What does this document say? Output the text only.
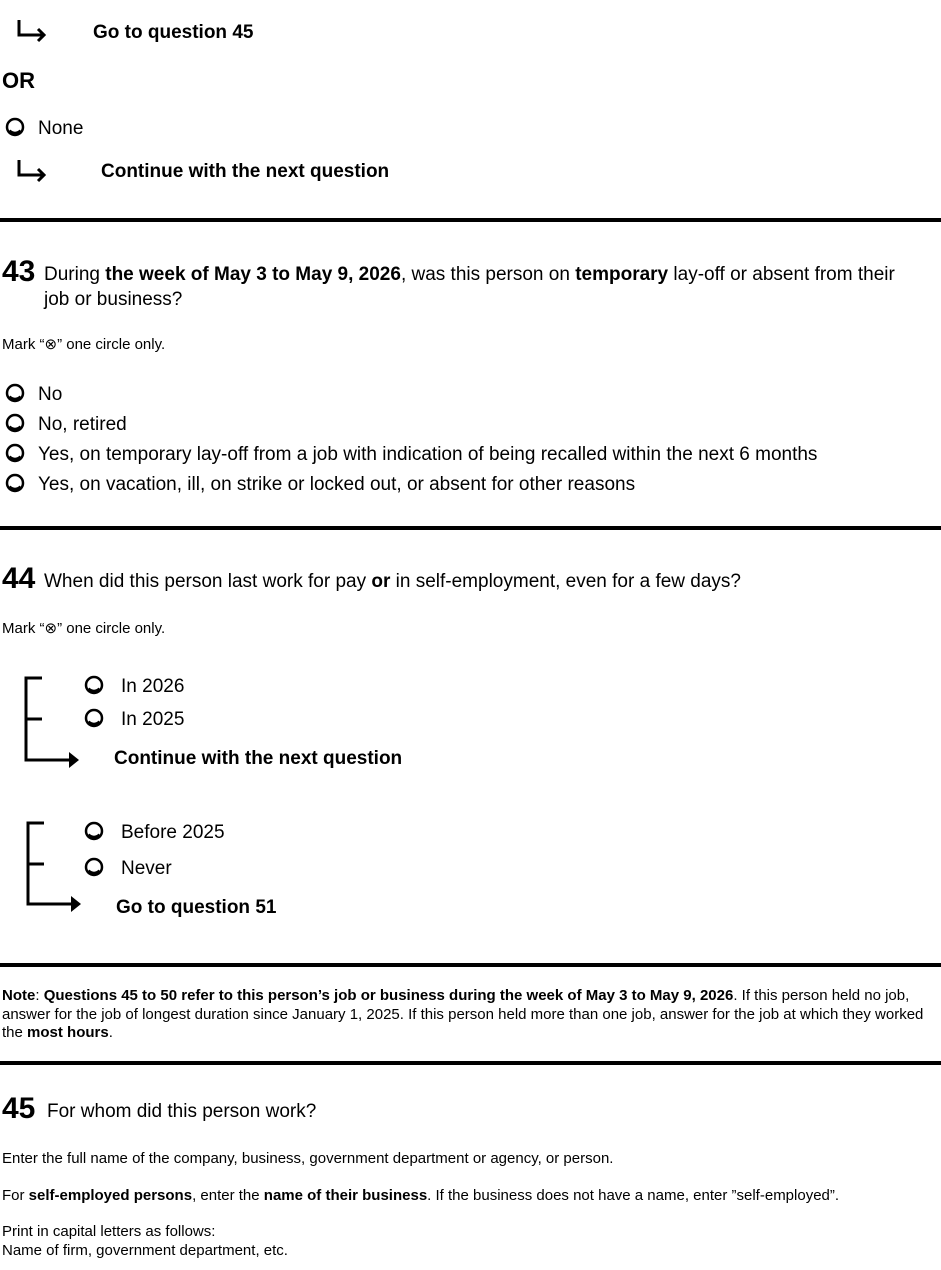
Go to question 45
OR
None
Continue with the next question
43 During the week of May 3 to May 9, 2026, was this person on temporary lay-off or absent from their job or business?
Mark “⊗” one circle only.
No
No, retired
Yes, on temporary lay-off from a job with indication of being recalled within the next 6 months
Yes, on vacation, ill, on strike or locked out, or absent for other reasons
44 When did this person last work for pay or in self-employment, even for a few days?
Mark “⊗” one circle only.
In 2026
In 2025
Continue with the next question
Before 2025
Never
Go to question 51
Note: Questions 45 to 50 refer to this person’s job or business during the week of May 3 to May 9, 2026. If this person held no job, answer for the job of longest duration since January 1, 2025. If this person held more than one job, answer for the job at which they worked the most hours.
45 For whom did this person work?
Enter the full name of the company, business, government department or agency, or person.
For self-employed persons, enter the name of their business. If the business does not have a name, enter ”self-employed”.
Print in capital letters as follows:
Name of firm, government department, etc.
